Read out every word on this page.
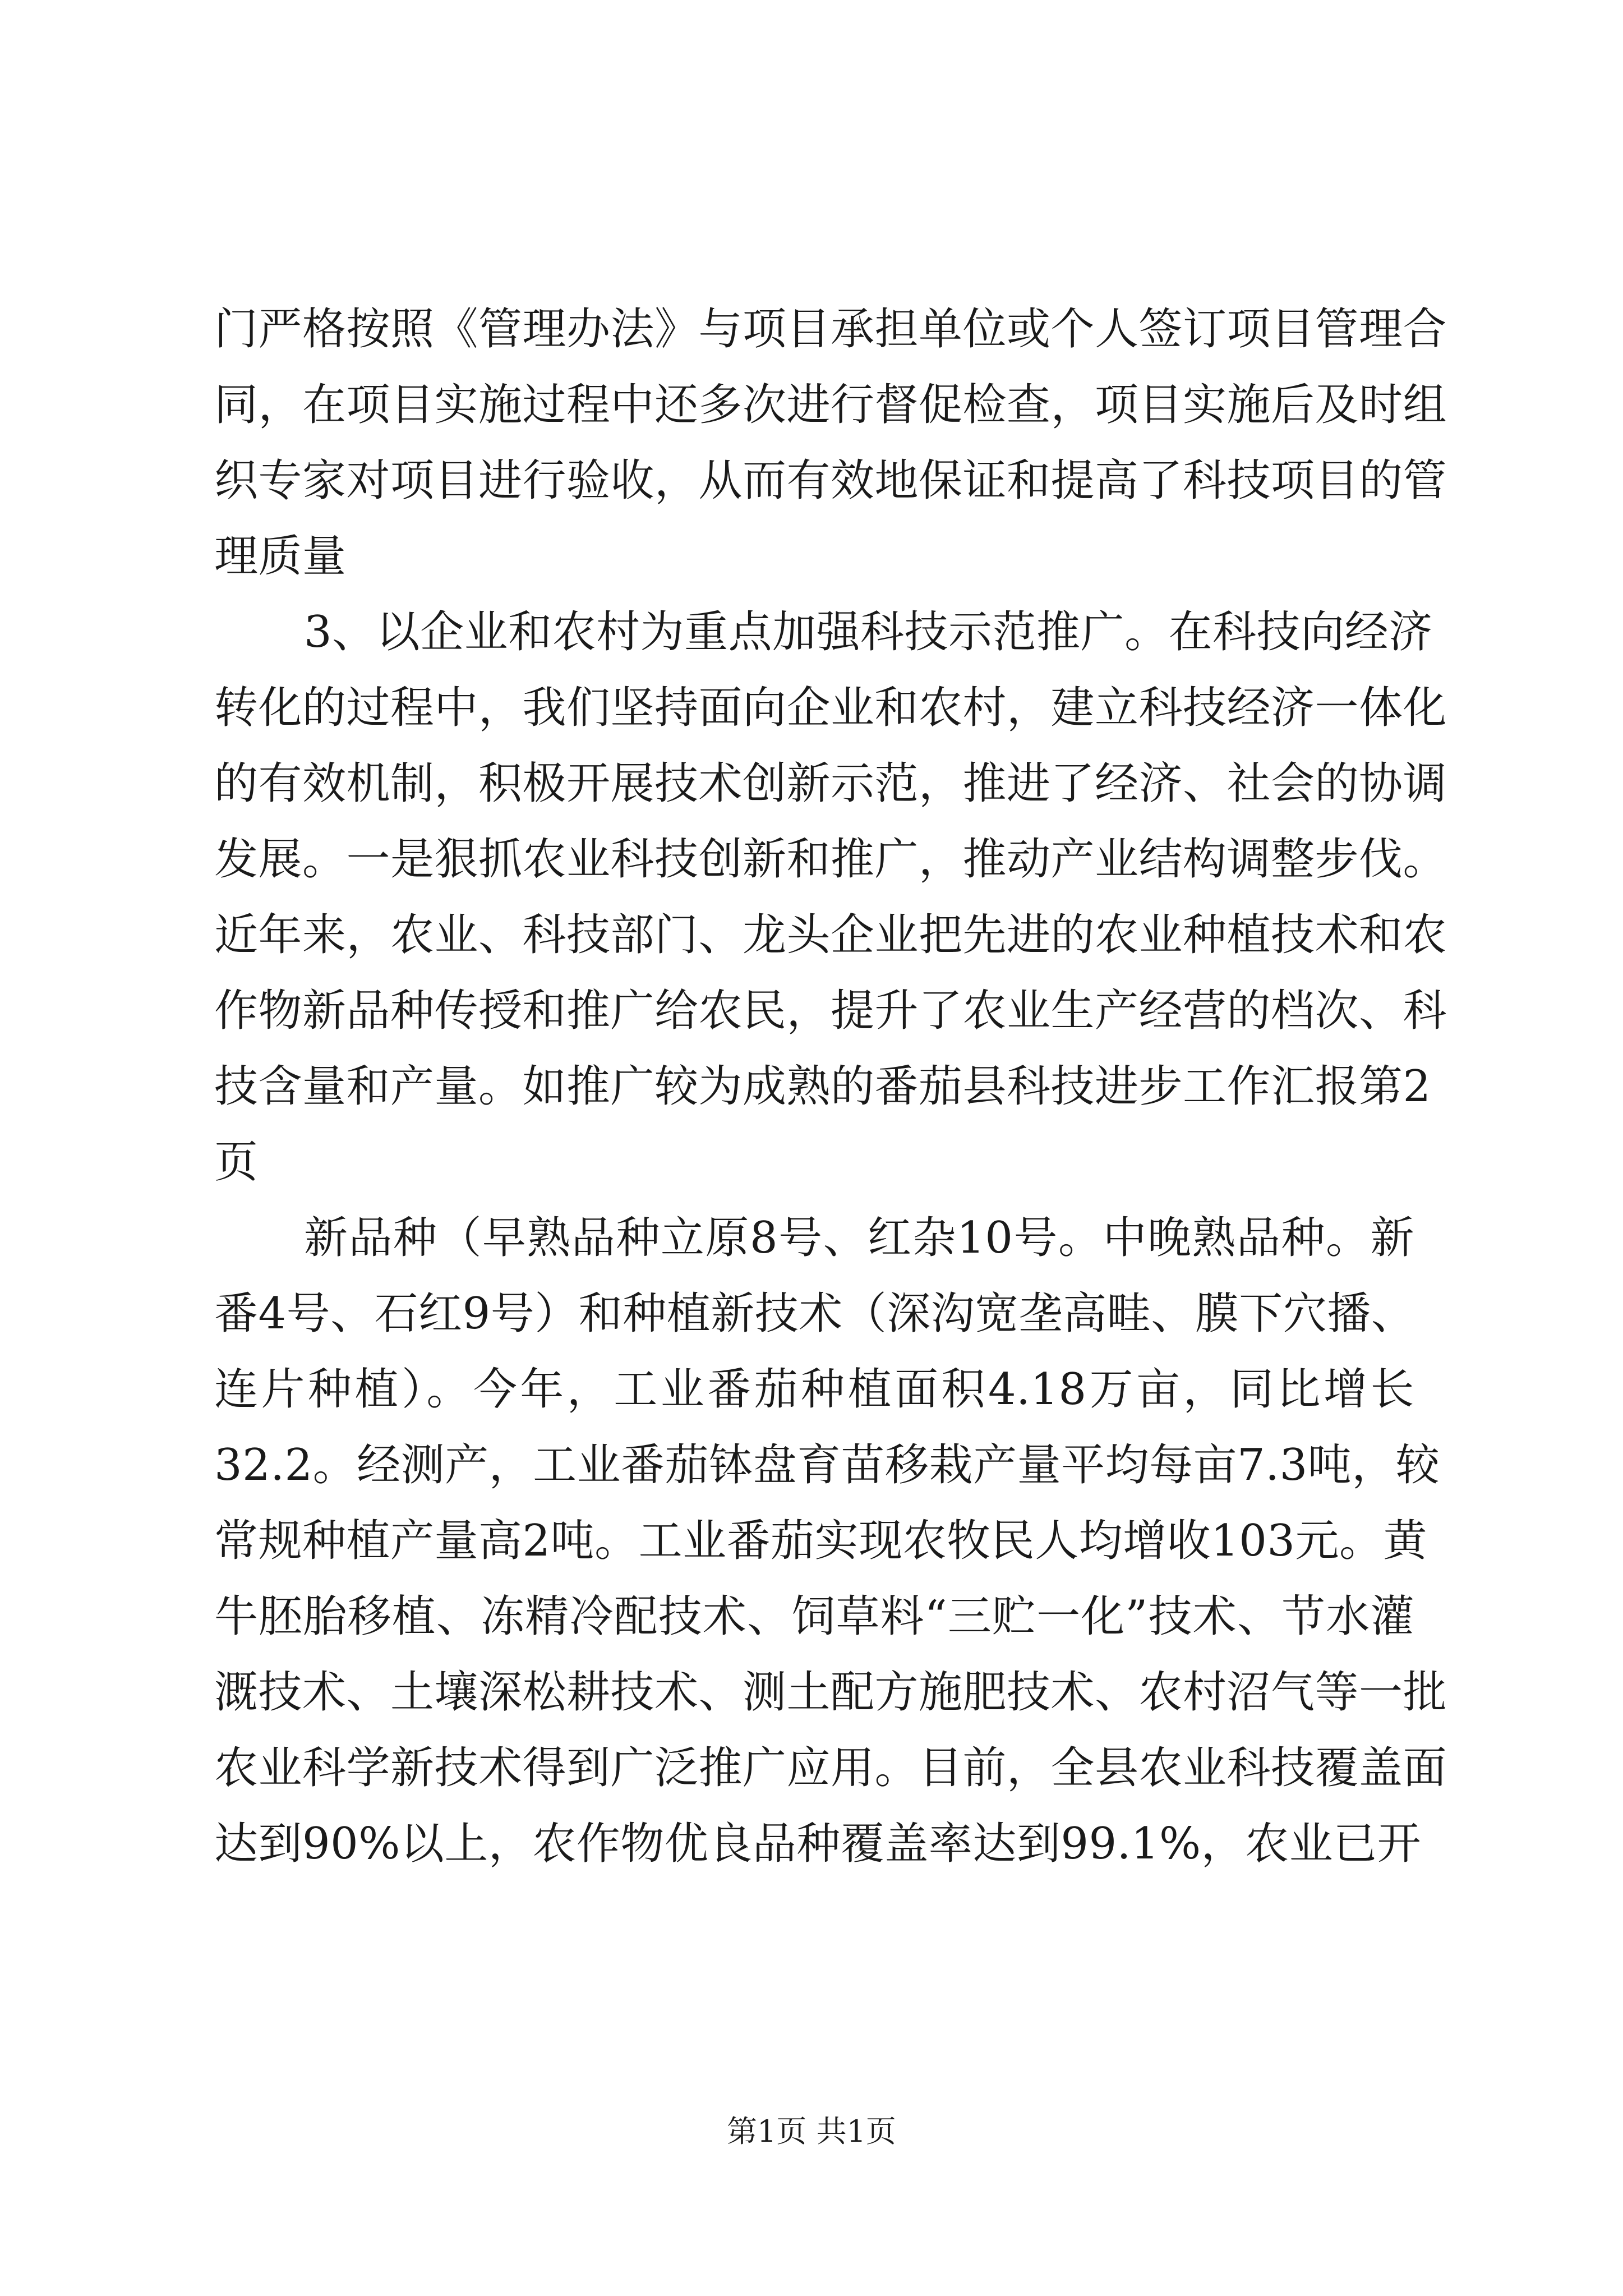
门严格按照《管理办法》与项目承担单位或个人签订项目管理合
同，在项目实施过程中还多次进行督促检查，项目实施后及时组
织专家对项目进行验收，从而有效地保证和提高了科技项目的管
理质量
3、以企业和农村为重点加强科技示范推广。在科技向经济
转化的过程中，我们坚持面向企业和农村，建立科技经济一体化
的有效机制，积极开展技术创新示范，推进了经济、社会的协调
发展。一是狠抓农业科技创新和推广，推动产业结构调整步伐。
近年来，农业、科技部门、龙头企业把先进的农业种植技术和农
作物新品种传授和推广给农民，提升了农业生产经营的档次、科
技含量和产量。如推广较为成熟的番茄县科技进步工作汇报第2
页
新品种（早熟品种立原8号、红杂10号。中晚熟品种。新
番4号、石红9号）和种植新技术（深沟宽垄高畦、膜下穴播、
连片种植）。今年，工业番茄种植面积4.18万亩，同比增长
32.2。经测产，工业番茄钵盘育苗移栽产量平均每亩7.3吨，较
常规种植产量高2吨。工业番茄实现农牧民人均增收103元。黄
牛胚胎移植、冻精冷配技术、饲草料“三贮一化”技术、节水灌
溉技术、土壤深松耕技术、测土配方施肥技术、农村沼气等一批
农业科学新技术得到广泛推广应用。目前，全县农业科技覆盖面
达到90%以上，农作物优良品种覆盖率达到99.1%，农业已开
第1页 共1页
